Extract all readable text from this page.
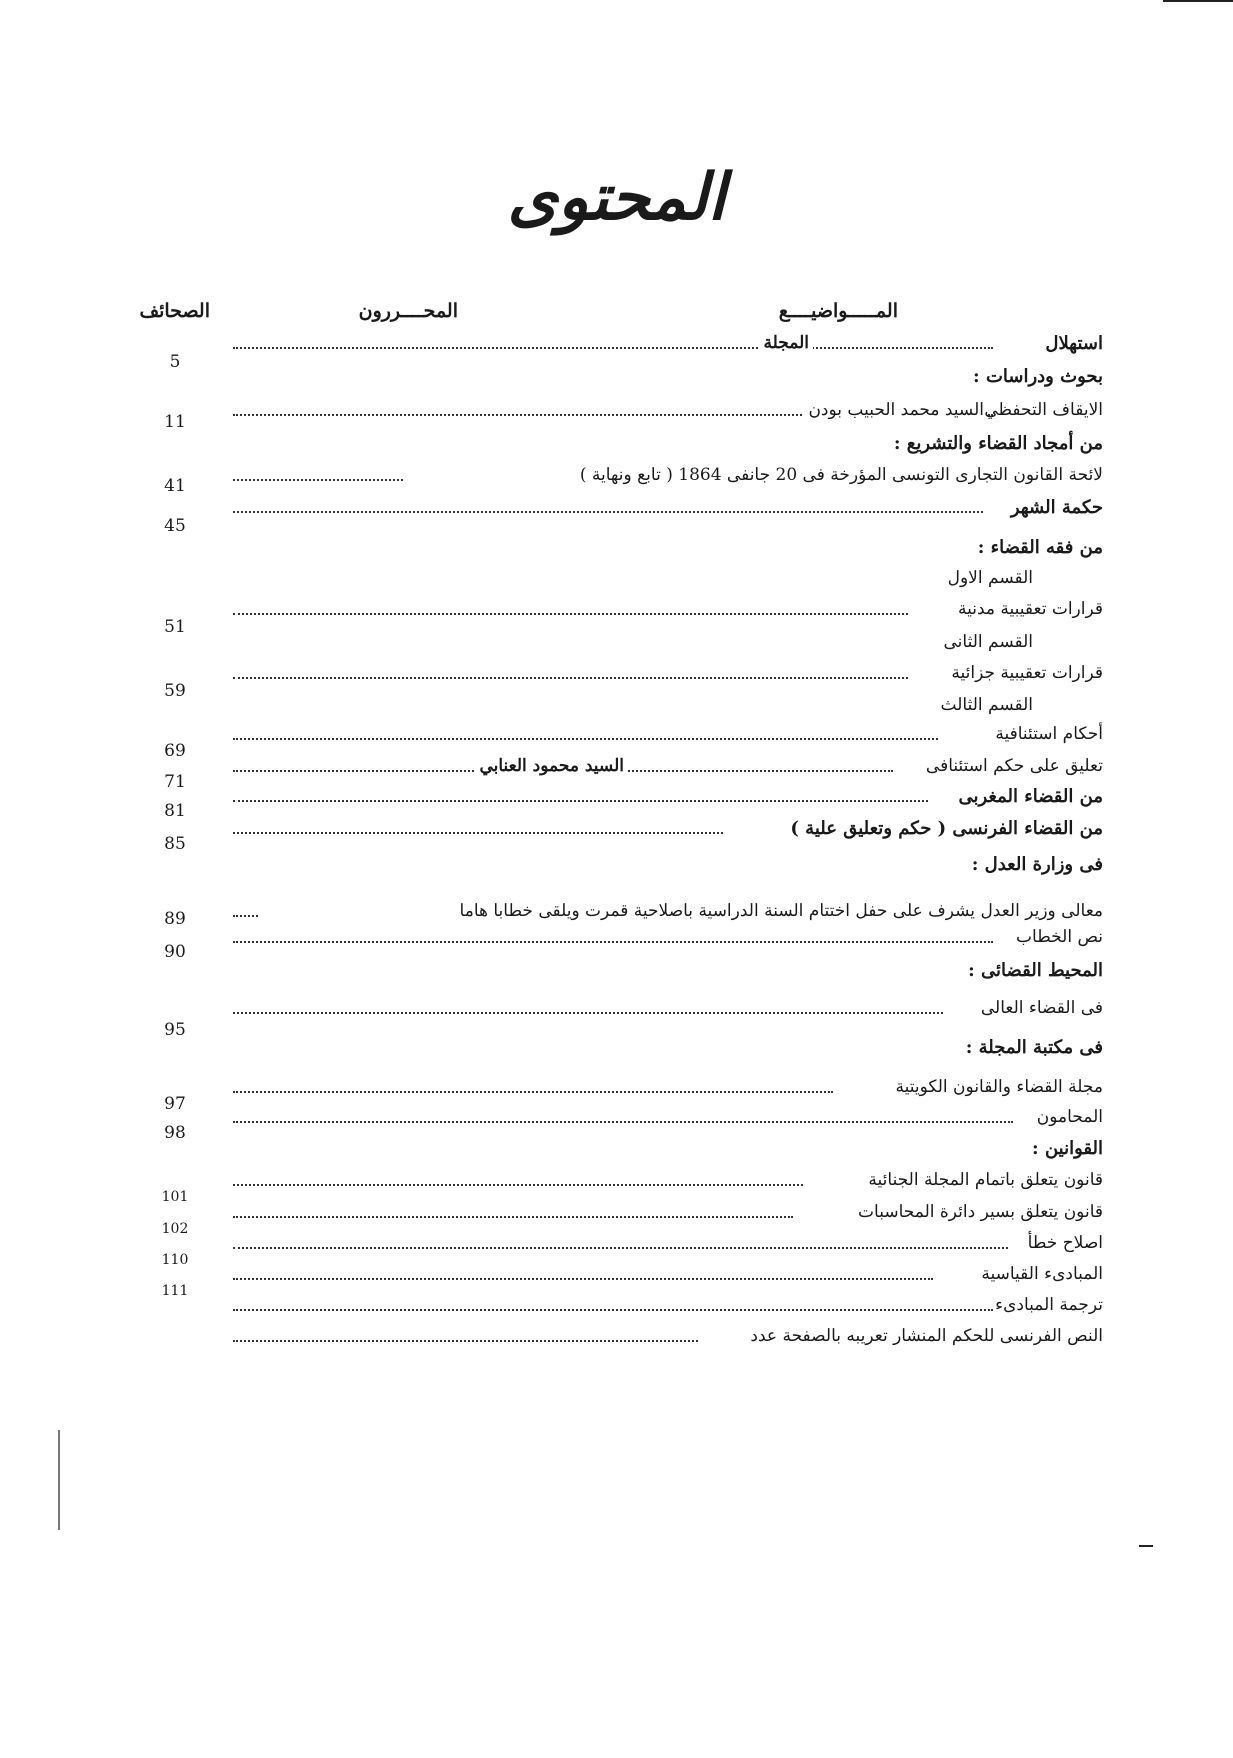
المحتوى
المـــــواضيــــع
المحــــررون
الصحائف
المجلة	استهلال
5
بحوث ودراسات :
السيد محمد الحبيب بودن الايقاف التحفظي
11
من أمجاد القضاء والتشريع :
لائحة القانون التجارى التونسى المؤرخة فى 20 جانفى 1864 ( تابع ونهاية )
41
حكمة الشهر
45
من فقه القضاء :
القسم الاول
قرارات تعقيبية مدنية
51
القسم الثانى
قرارات تعقيبية جزائية
59
القسم الثالث
أحكام استئنافية
69
السيد محمود العنابي	تعليق على حكم استئنافى
71
من القضاء المغربى
81
من القضاء الفرنسى ( حكم وتعليق علية )
85
فى وزارة العدل :
معالى وزير العدل يشرف على حفل اختتام السنة الدراسية باصلاحية قمرت ويلقى خطابا هاما
89
نص الخطاب
90
المحيط القضائى :
فى القضاء العالى
95
فى مكتبة المجلة :
مجلة القضاء والقانون الكويتية
97
المحامون
98
القوانين :
قانون يتعلق باتمام المجلة الجنائية
101
قانون يتعلق بسير دائرة المحاسبات
102
اصلاح خطأ
110
المبادىء القياسية
111
ترجمة المبادىء
النص الفرنسى للحكم المنشار تعريبه بالصفحة عدد
